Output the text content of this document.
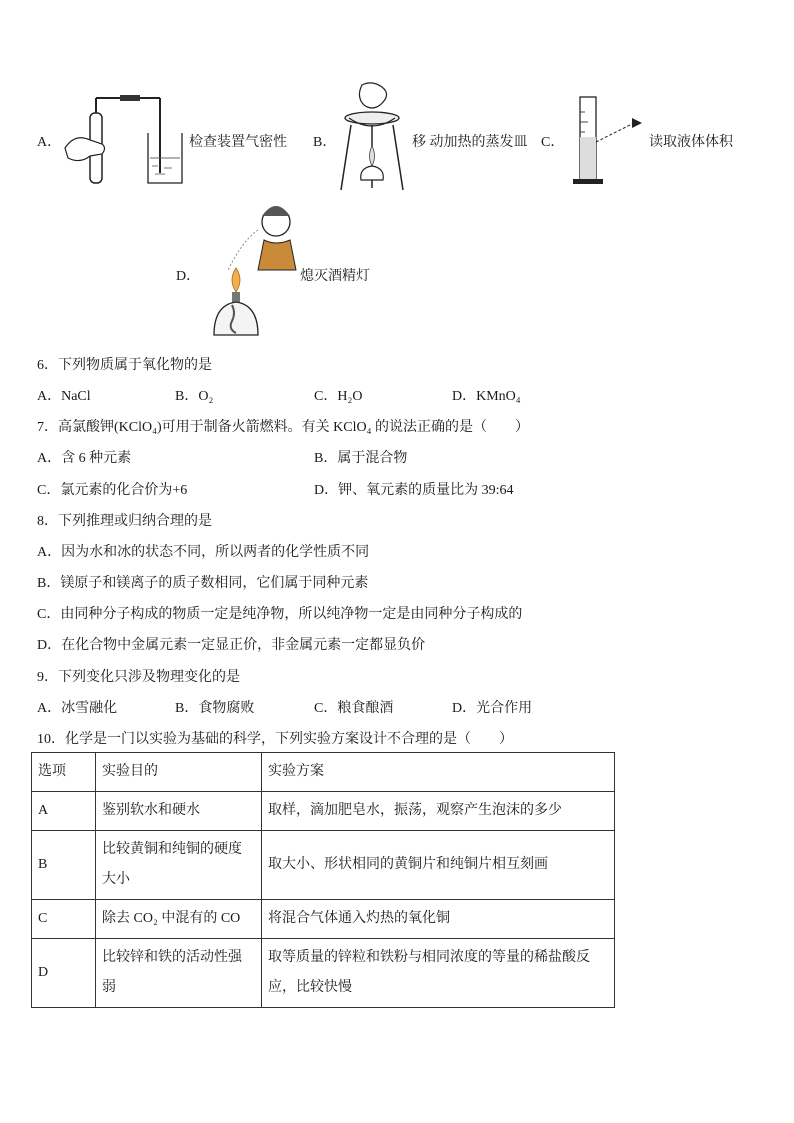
A．	检查装置气密性 B．	移 动加热的蒸发皿 C．	读取液体体积
D．	熄灭酒精灯
6．下列物质属于氧化物的是
A．NaCl	B．O₂	C．H₂O	D．KMnO₄
7．高氯酸钾(KClO₄)可用于制备火箭燃料。有关 KClO₄ 的说法正确的是（　　）
A．含 6 种元素	B．属于混合物
C．氯元素的化合价为+6	D．钾、氧元素的质量比为 39:64
8．下列推理或归纳合理的是
A．因为水和冰的状态不同，所以两者的化学性质不同
B．镁原子和镁离子的质子数相同，它们属于同种元素
C．由同种分子构成的物质一定是纯净物，所以纯净物一定是由同种分子构成的
D．在化合物中金属元素一定显正价，非金属元素一定都显负价
9．下列变化只涉及物理变化的是
A．冰雪融化	B．食物腐败	C．粮食酿酒	D．光合作用
10．化学是一门以实验为基础的科学，下列实验方案设计不合理的是（　　）
选项	实验目的	实验方案
A	鉴别软水和硬水	取样，滴加肥皂水，振荡，观察产生泡沫的多少
B	比较黄铜和纯铜的硬度大小	取大小、形状相同的黄铜片和纯铜片相互刻画
C	除去 CO₂ 中混有的 CO	将混合气体通入灼热的氧化铜
D	比较锌和铁的活动性强弱	取等质量的锌粒和铁粉与相同浓度的等量的稀盐酸反应，比较快慢
